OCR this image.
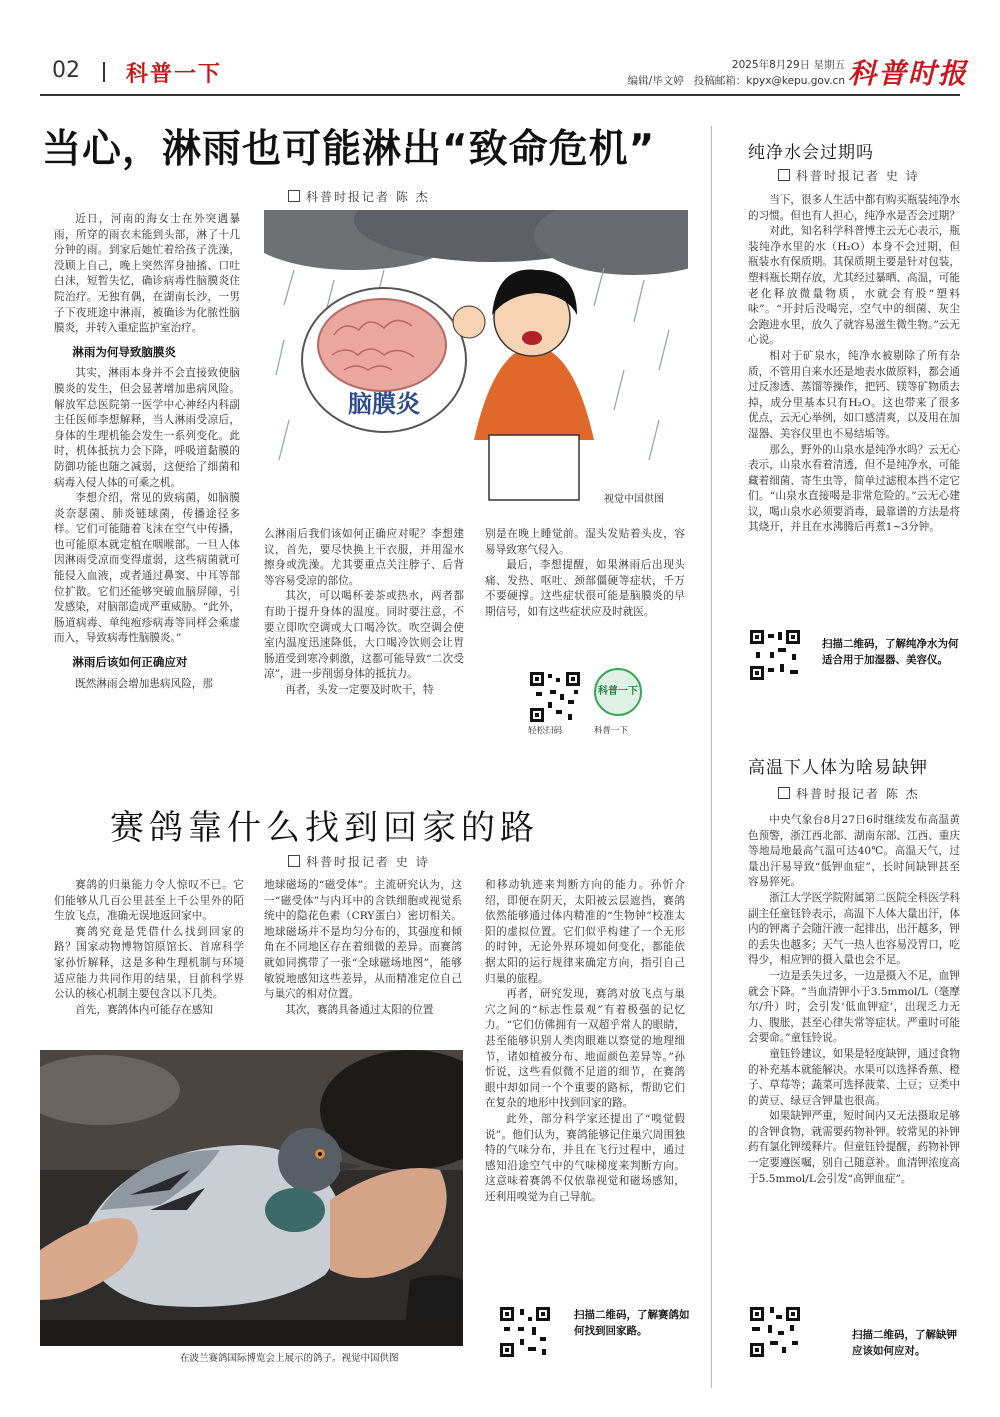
02 科普一下	2025年8月29日 星期五
编辑/毕文婷 投稿邮箱：kpyx@kepu.gov.cn 科普时报
当心，淋雨也可能淋出“致命危机”
科普时报记者 陈 杰

近日，河南的海女士在外突遇暴雨，所穿的雨衣未能到头部，淋了十几分钟的雨。到家后她忙着给孩子洗澡，没顾上自己，晚上突然浑身抽搐、口吐白沫，短暂失忆，确诊病毒性脑膜炎住院治疗。无独有偶，在湖南长沙，一男子下夜班途中淋雨，被确诊为化脓性脑膜炎，并转入重症监护室治疗。

淋雨为何导致脑膜炎

其实，淋雨本身并不会直接致使脑膜炎的发生，但会显著增加患病风险。解放军总医院第一医学中心神经内科副主任医师李想解释，当人淋雨受凉后，身体的生理机能会发生一系列变化。此时，机体抵抗力会下降，呼吸道黏膜的防御功能也随之减弱，这便给了细菌和病毒入侵人体的可乘之机。

李想介绍，常见的致病菌，如脑膜炎奈瑟菌、肺炎链球菌，传播途径多样。它们可能随着飞沫在空气中传播，也可能原本就定植在咽喉部。一旦人体因淋雨受凉而变得虚弱，这些病菌就可能侵入血液，或者通过鼻窦、中耳等部位扩散。它们还能够突破血脑屏障，引发感染，对脑部造成严重威胁。“此外，肠道病毒、单纯疱疹病毒等同样会乘虚而入，导致病毒性脑膜炎。”

淋雨后该如何正确应对

既然淋雨会增加患病风险，那

脑膜炎
视觉中国供图

么淋雨后我们该如何正确应对呢？李想建议，首先，要尽快换上干衣服，并用湿水擦身或洗澡。尤其要重点关注脖子、后背等容易受凉的部位。

其次，可以喝杯姜茶或热水，两者都有助于提升身体的温度。同时要注意，不要立即吹空调或大口喝冷饮。吹空调会使室内温度迅速降低，大口喝冷饮则会让胃肠道受到寒冷刺激，这都可能导致“二次受凉”，进一步削弱身体的抵抗力。

再者，头发一定要及时吹干，特

别是在晚上睡觉前。湿头发贴着头皮，容易导致寒气侵入。

最后，李想提醒，如果淋雨后出现头痛、发热、呕吐、颈部僵硬等症状，千万不要硬撑。这些症状很可能是脑膜炎的早期信号，如有这些症状应及时就医。

科普一下
轻松扫码	科普一下
赛鸽靠什么找到回家的路
科普时报记者 史 诗

赛鸽的归巢能力令人惊叹不已。它们能够从几百公里甚至上千公里外的陌生放飞点，准确无误地返回家中。

赛鸽究竟是凭借什么找到回家的路？国家动物博物馆原馆长、首席科学家孙忻解释，这是多种生理机制与环境适应能力共同作用的结果，目前科学界公认的核心机制主要包含以下几类。

首先，赛鸽体内可能存在感知

地球磁场的“磁受体”。主流研究认为，这一“磁受体”与内耳中的含铁细胞或视觉系统中的隐花色素（CRY蛋白）密切相关。地球磁场并不是均匀分布的，其强度和倾角在不同地区存在着细微的差异。而赛鸽就如同携带了一张“全球磁场地图”，能够敏锐地感知这些差异，从而精准定位自己与巢穴的相对位置。

其次，赛鸽具备通过太阳的位置

和移动轨迹来判断方向的能力。孙忻介绍，即便在阴天，太阳被云层遮挡，赛鸽依然能够通过体内精准的“生物钟”校准太阳的虚拟位置。它们似乎构建了一个无形的时钟，无论外界环境如何变化，都能依据太阳的运行规律来确定方向，指引自己归巢的旅程。

再者，研究发现，赛鸽对放飞点与巢穴之间的“标志性景观”有着极强的记忆力。“它们仿佛拥有一双超乎常人的眼睛，甚至能够识别人类肉眼难以察觉的地理细节，诸如植被分布、地面颜色差异等。”孙忻说，这些看似微不足道的细节，在赛鸽眼中却如同一个个重要的路标，帮助它们在复杂的地形中找到回家的路。

此外，部分科学家还提出了“嗅觉假说”。他们认为，赛鸽能够记住巢穴周围独特的气味分布，并且在飞行过程中，通过感知沿途空气中的气味梯度来判断方向。这意味着赛鸽不仅依靠视觉和磁场感知，还利用嗅觉为自己导航。

在波兰赛鸽国际博览会上展示的鸽子。视觉中国供图
扫描二维码，了解赛鸽如何找到回家路。
纯净水会过期吗
科普时报记者 史 诗

当下，很多人生活中都有购买瓶装纯净水的习惯。但也有人担心，纯净水是否会过期？

对此，知名科学科普博主云无心表示，瓶装纯净水里的水（H₂O）本身不会过期，但瓶装水有保质期。其保质期主要是针对包装，塑料瓶长期存放，尤其经过暴晒、高温，可能老化释放微量物质，水就会有股“塑料味”。“开封后没喝完，空气中的细菌、灰尘会跑进水里，放久了就容易滋生微生物。”云无心说。

相对于矿泉水，纯净水被剔除了所有杂质，不管用自来水还是地表水做原料，都会通过反渗透、蒸馏等操作，把钙、镁等矿物质去掉，成分里基本只有H₂O。这也带来了很多优点，云无心举例，如口感清爽，以及用在加湿器、美容仪里也不易结垢等。

那么，野外的山泉水是纯净水吗？云无心表示，山泉水看着清透，但不是纯净水，可能藏着细菌、寄生虫等，简单过滤根本挡不定它们。“山泉水直接喝是非常危险的。”云无心建议，喝山泉水必须要消毒，最靠谱的方法是将其烧开，并且在水沸腾后再煮1~3分钟。

扫描二维码，了解纯净水为何适合用于加湿器、美容仪。
高温下人体为啥易缺钾
科普时报记者 陈 杰

中央气象台8月27日6时继续发布高温黄色预警，浙江西北部、湖南东部、江西、重庆等地局地最高气温可达40℃。高温天气，过量出汗易导致“低钾血症”，长时间缺钾甚至容易猝死。

浙江大学医学院附属第二医院全科医学科副主任童钰铃表示，高温下人体大量出汗，体内的钾离子会随汗液一起排出，出汗越多，钾的丢失也越多；天气一热人也容易没胃口，吃得少，相应钾的摄入量也会不足。

一边是丢失过多，一边是摄入不足，血钾就会下降。“当血清钾小于3.5mmol/L（毫摩尔/升）时，会引发‘低血钾症’，出现乏力无力、腹胀，甚至心律失常等症状。严重时可能会要命。”童钰铃说。

童钰铃建议，如果是轻度缺钾，通过食物的补充基本就能解决。水果可以选择香蕉、橙子、草莓等；蔬菜可选择菠菜、土豆；豆类中的黄豆、绿豆含钾量也很高。

如果缺钾严重，短时间内又无法摄取足够的含钾食物，就需要药物补钾。较常见的补钾药有氯化钾缓释片。但童钰铃提醒，药物补钾一定要遵医嘱，别自己随意补。血清钾浓度高于5.5mmol/L会引发“高钾血症”。

扫描二维码，了解缺钾应该如何应对。
